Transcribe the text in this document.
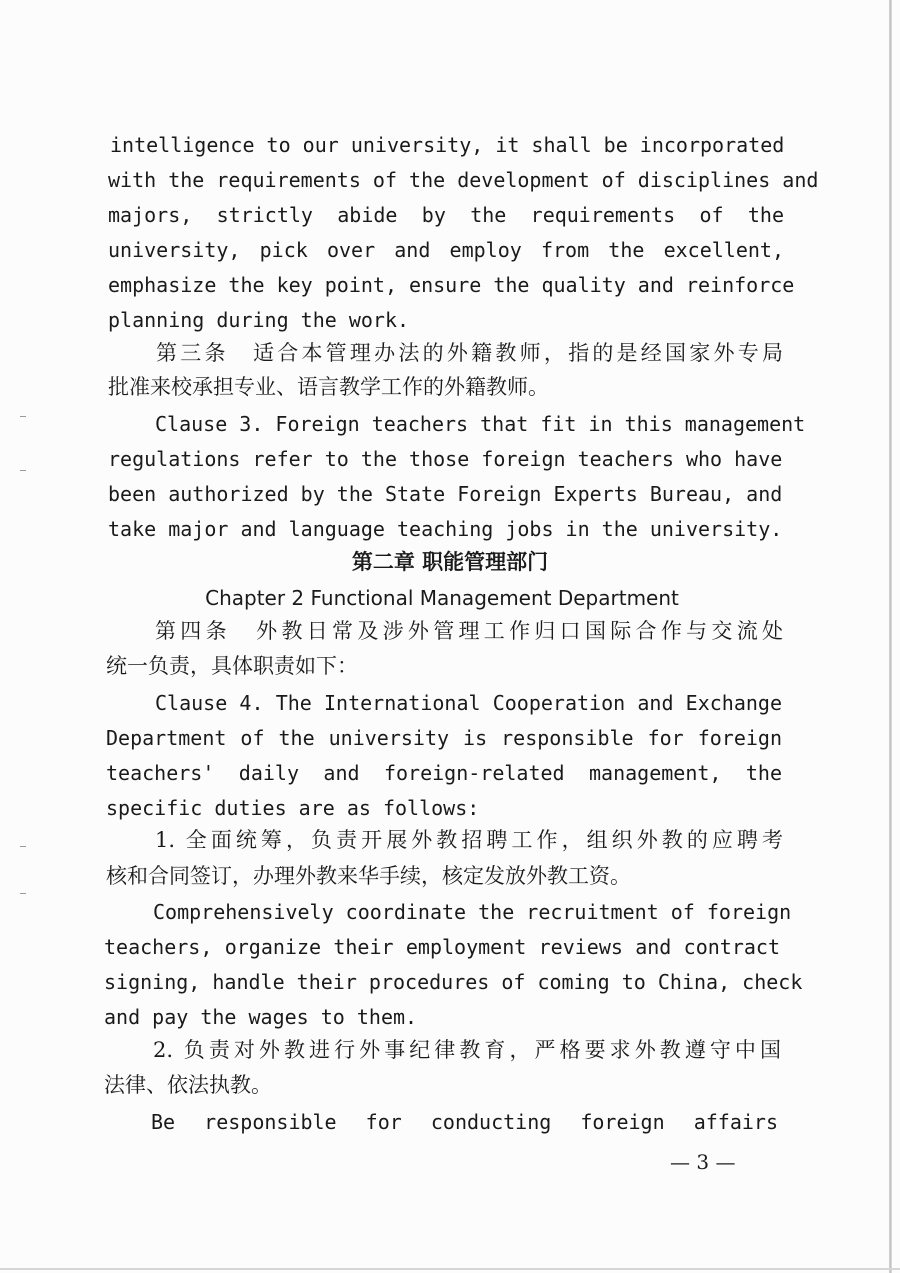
intelligence to our university, it shall be incorporated
with the requirements of the development of disciplines and
majors, strictly abide by the requirements of the
university, pick over and employ from the excellent,
emphasize the key point, ensure the quality and reinforce
planning during the work.
第三条　适合本管理办法的外籍教师，指的是经国家外专局
批准来校承担专业、语言教学工作的外籍教师。
Clause 3. Foreign teachers that fit in this management
regulations refer to the those foreign teachers who have
been authorized by the State Foreign Experts Bureau, and
take major and language teaching jobs in the university.
第二章 职能管理部门
Chapter 2 Functional Management Department
第四条　外教日常及涉外管理工作归口国际合作与交流处
统一负责，具体职责如下：
Clause 4. The International Cooperation and Exchange
Department of the university is responsible for foreign
teachers' daily and foreign-related management, the
specific duties are as follows:
1. 全面统筹，负责开展外教招聘工作，组织外教的应聘考
核和合同签订，办理外教来华手续，核定发放外教工资。
Comprehensively coordinate the recruitment of foreign
teachers, organize their employment reviews and contract
signing, handle their procedures of coming to China, check
and pay the wages to them.
2. 负责对外教进行外事纪律教育，严格要求外教遵守中国
法律、依法执教。
Be responsible for conducting foreign affairs
— 3 —
